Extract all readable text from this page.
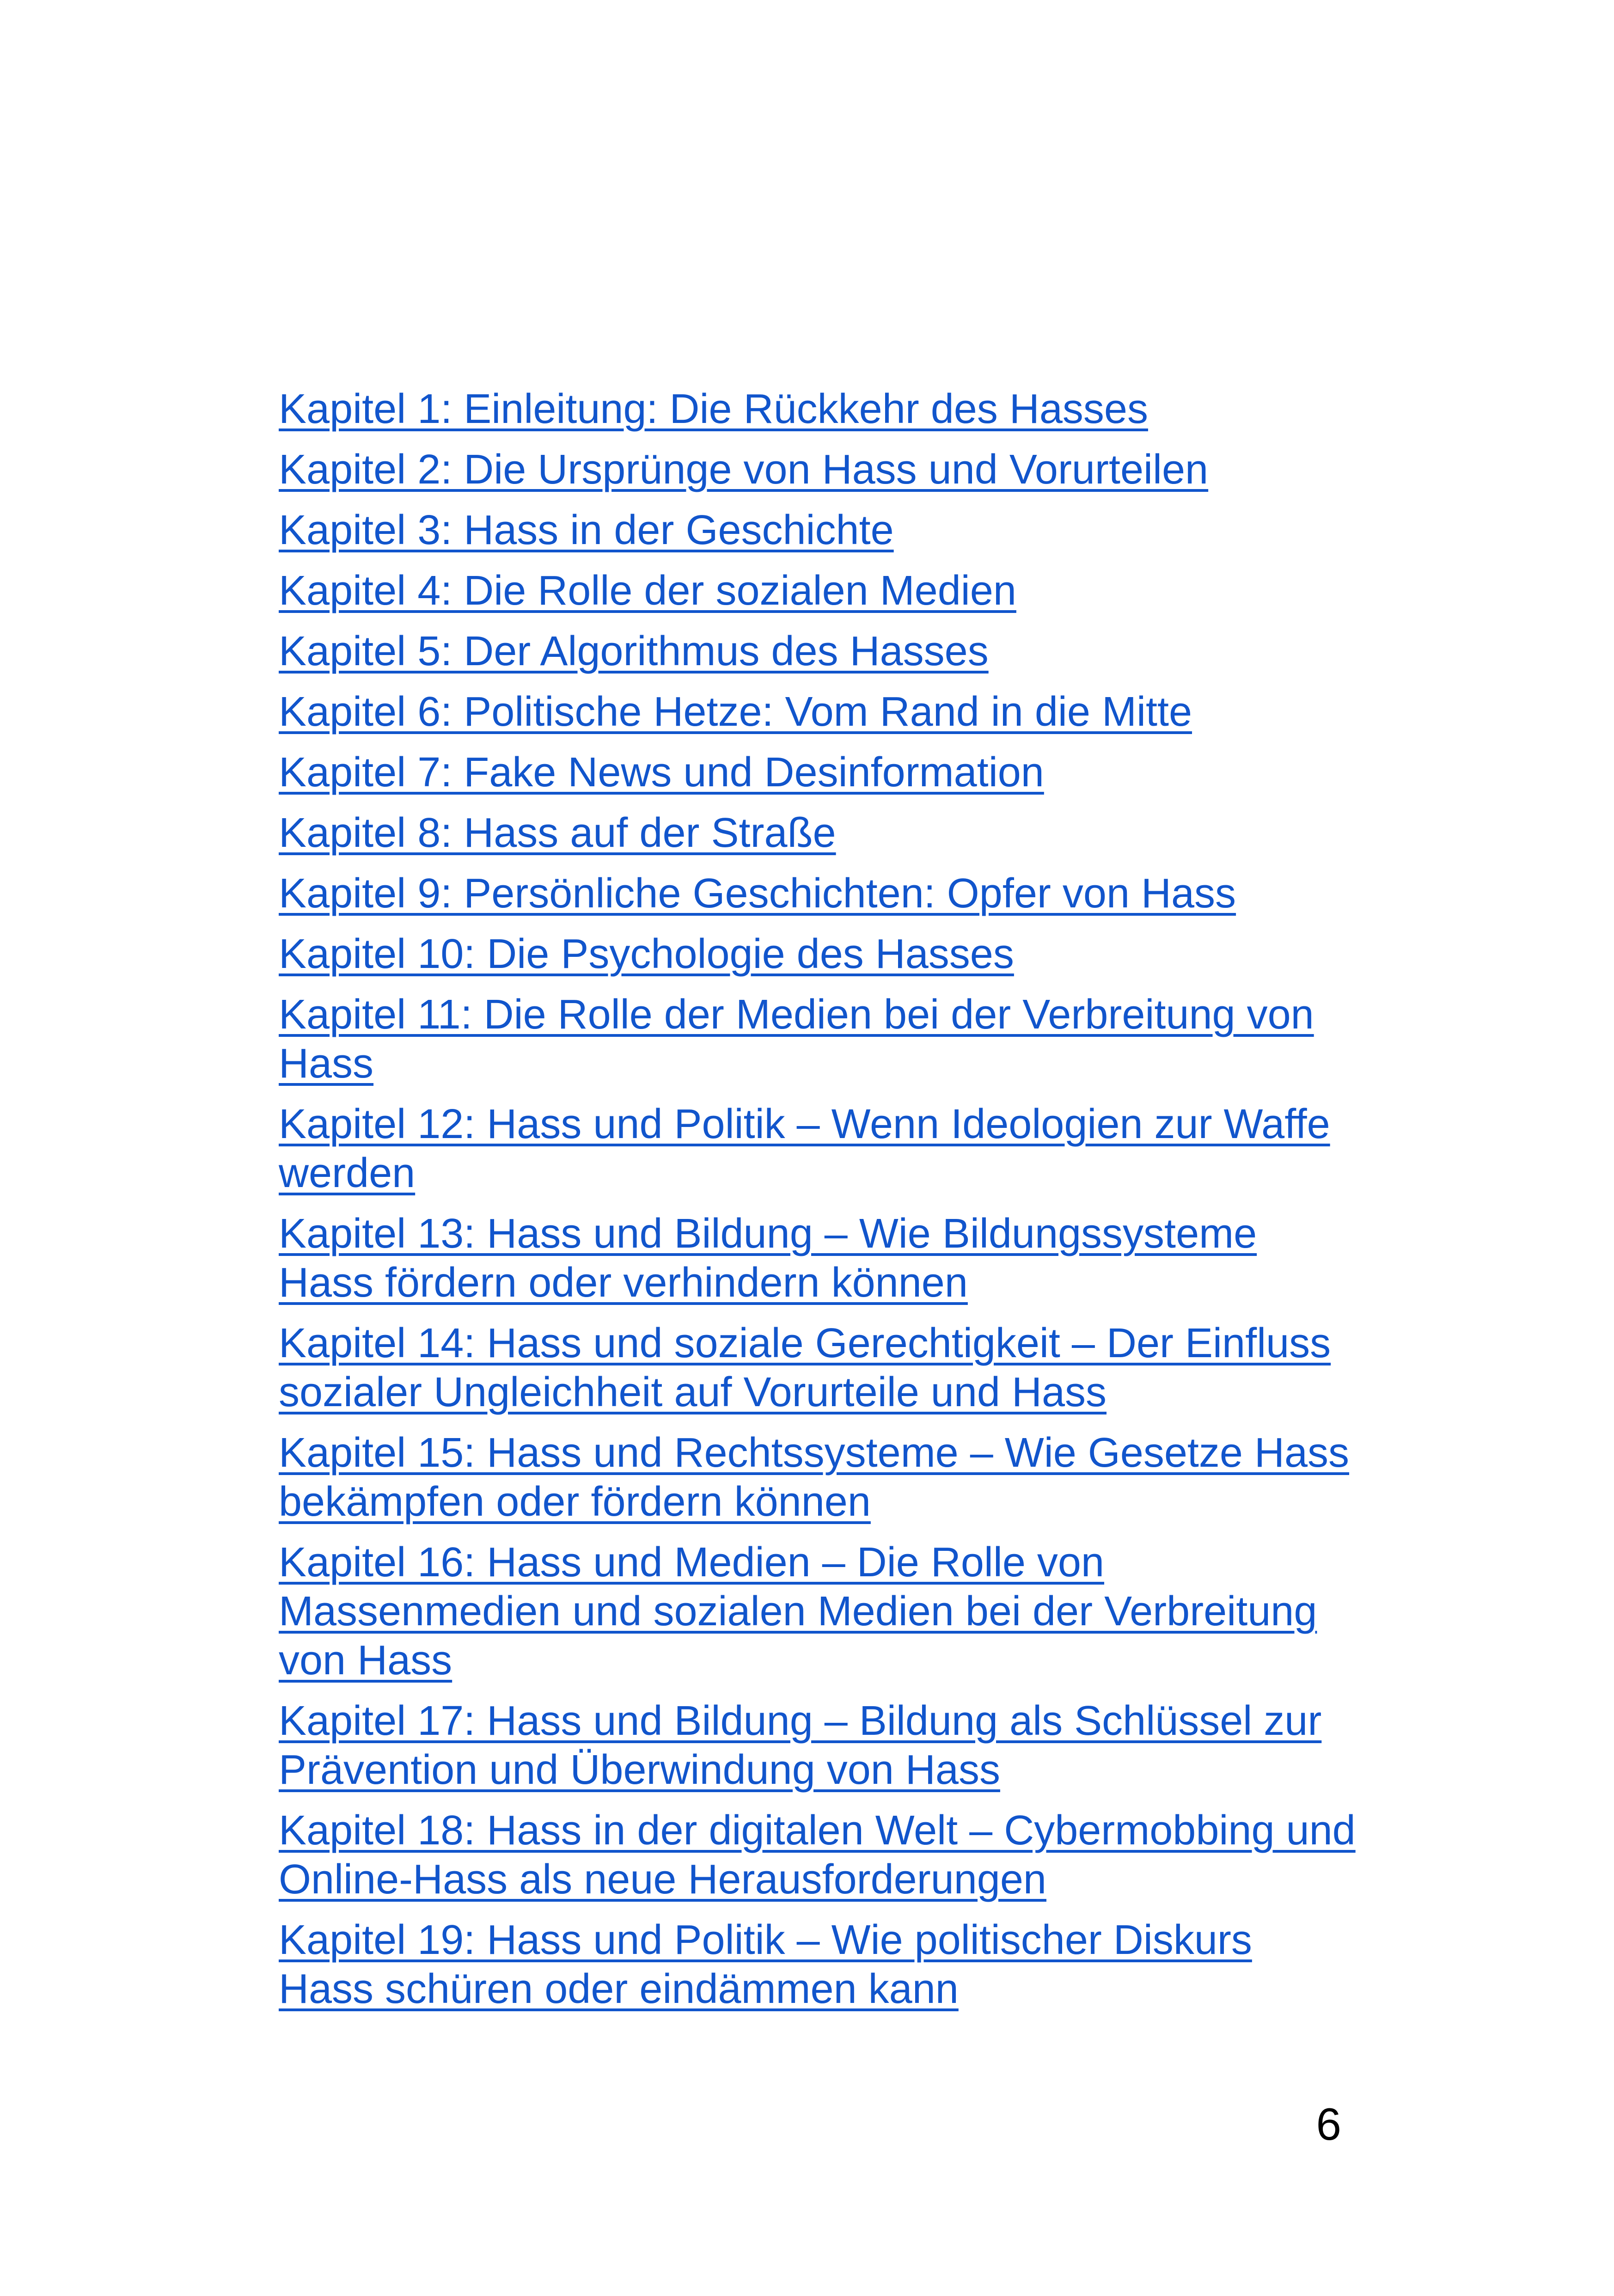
Kapitel 1: Einleitung: Die Rückkehr des Hasses
Kapitel 2: Die Ursprünge von Hass und Vorurteilen
Kapitel 3: Hass in der Geschichte
Kapitel 4: Die Rolle der sozialen Medien
Kapitel 5: Der Algorithmus des Hasses
Kapitel 6: Politische Hetze: Vom Rand in die Mitte
Kapitel 7: Fake News und Desinformation
Kapitel 8: Hass auf der Straße
Kapitel 9: Persönliche Geschichten: Opfer von Hass
Kapitel 10: Die Psychologie des Hasses
Kapitel 11: Die Rolle der Medien bei der Verbreitung von Hass
Kapitel 12: Hass und Politik – Wenn Ideologien zur Waffe werden
Kapitel 13: Hass und Bildung – Wie Bildungssysteme Hass fördern oder verhindern können
Kapitel 14: Hass und soziale Gerechtigkeit – Der Einfluss sozialer Ungleichheit auf Vorurteile und Hass
Kapitel 15: Hass und Rechtssysteme – Wie Gesetze Hass bekämpfen oder fördern können
Kapitel 16: Hass und Medien – Die Rolle von Massenmedien und sozialen Medien bei der Verbreitung von Hass
Kapitel 17: Hass und Bildung – Bildung als Schlüssel zur Prävention und Überwindung von Hass
Kapitel 18: Hass in der digitalen Welt – Cybermobbing und Online-Hass als neue Herausforderungen
Kapitel 19: Hass und Politik – Wie politischer Diskurs Hass schüren oder eindämmen kann
6
